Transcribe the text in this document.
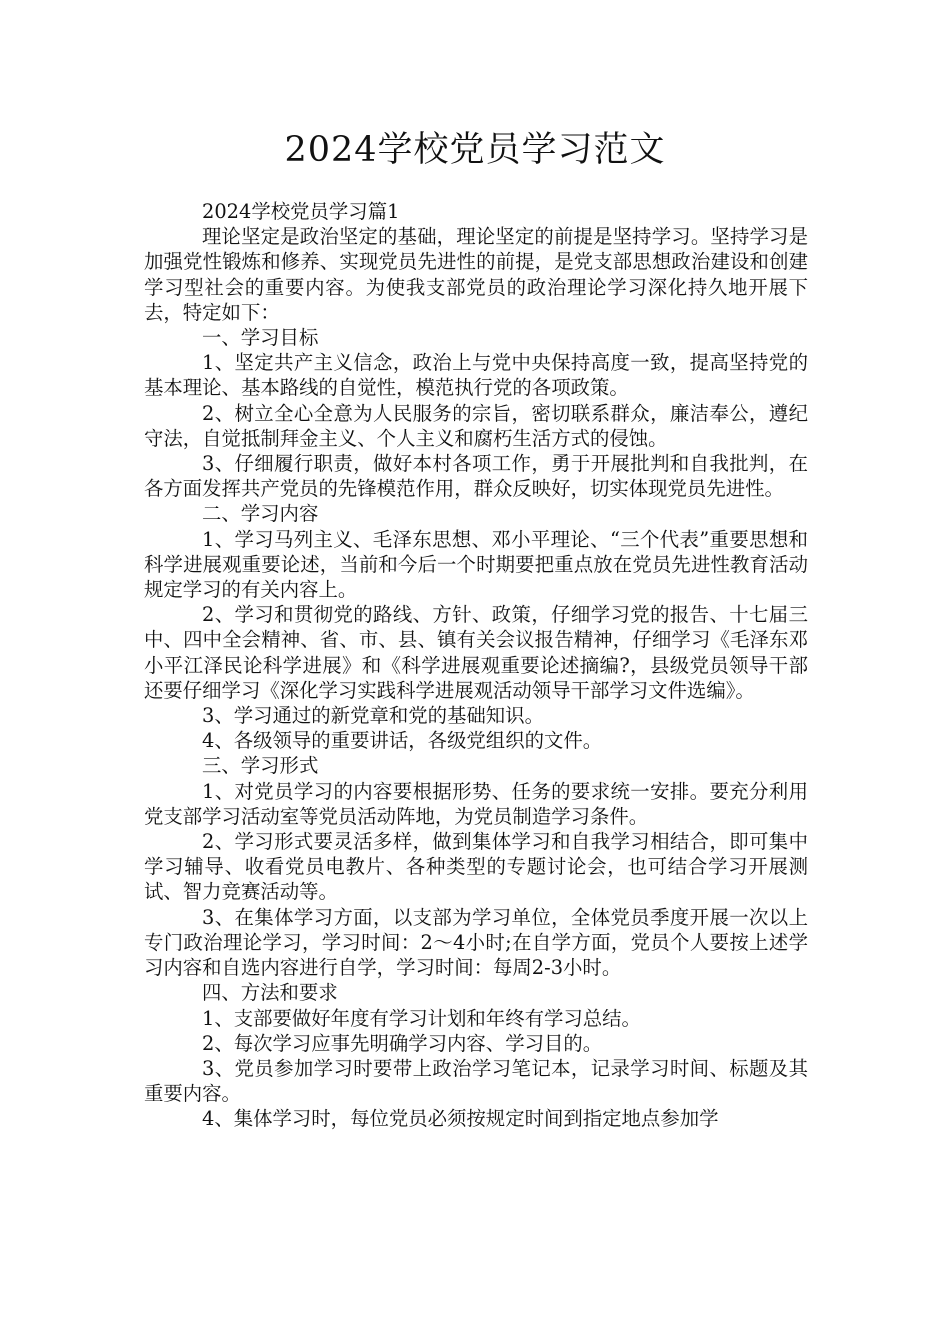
2024学校党员学习范文

2024学校党员学习篇1

理论坚定是政治坚定的基础，理论坚定的前提是坚持学习。坚持学习是加强党性锻炼和修养、实现党员先进性的前提，是党支部思想政治建设和创建学习型社会的重要内容。为使我支部党员的政治理论学习深化持久地开展下去，特定如下：

一、学习目标

1、坚定共产主义信念，政治上与党中央保持高度一致，提高坚持党的基本理论、基本路线的自觉性，模范执行党的各项政策。

2、树立全心全意为人民服务的宗旨，密切联系群众，廉洁奉公，遵纪守法，自觉抵制拜金主义、个人主义和腐朽生活方式的侵蚀。

3、仔细履行职责，做好本村各项工作，勇于开展批判和自我批判，在各方面发挥共产党员的先锋模范作用，群众反映好，切实体现党员先进性。

二、学习内容

1、学习马列主义、毛泽东思想、邓小平理论、“三个代表”重要思想和科学进展观重要论述，当前和今后一个时期要把重点放在党员先进性教育活动规定学习的有关内容上。

2、学习和贯彻党的路线、方针、政策，仔细学习党的报告、十七届三中、四中全会精神、省、市、县、镇有关会议报告精神，仔细学习《毛泽东邓小平江泽民论科学进展》和《科学进展观重要论述摘编?，县级党员领导干部还要仔细学习《深化学习实践科学进展观活动领导干部学习文件选编》。

3、学习通过的新党章和党的基础知识。

4、各级领导的重要讲话，各级党组织的文件。

三、学习形式

1、对党员学习的内容要根据形势、任务的要求统一安排。要充分利用党支部学习活动室等党员活动阵地，为党员制造学习条件。

2、学习形式要灵活多样，做到集体学习和自我学习相结合，即可集中学习辅导、收看党员电教片、各种类型的专题讨论会，也可结合学习开展测试、智力竞赛活动等。

3、在集体学习方面，以支部为学习单位，全体党员季度开展一次以上专门政治理论学习，学习时间：2～4小时;在自学方面，党员个人要按上述学习内容和自选内容进行自学，学习时间：每周2-3小时。

四、方法和要求

1、支部要做好年度有学习计划和年终有学习总结。

2、每次学习应事先明确学习内容、学习目的。

3、党员参加学习时要带上政治学习笔记本，记录学习时间、标题及其重要内容。

4、集体学习时，每位党员必须按规定时间到指定地点参加学
